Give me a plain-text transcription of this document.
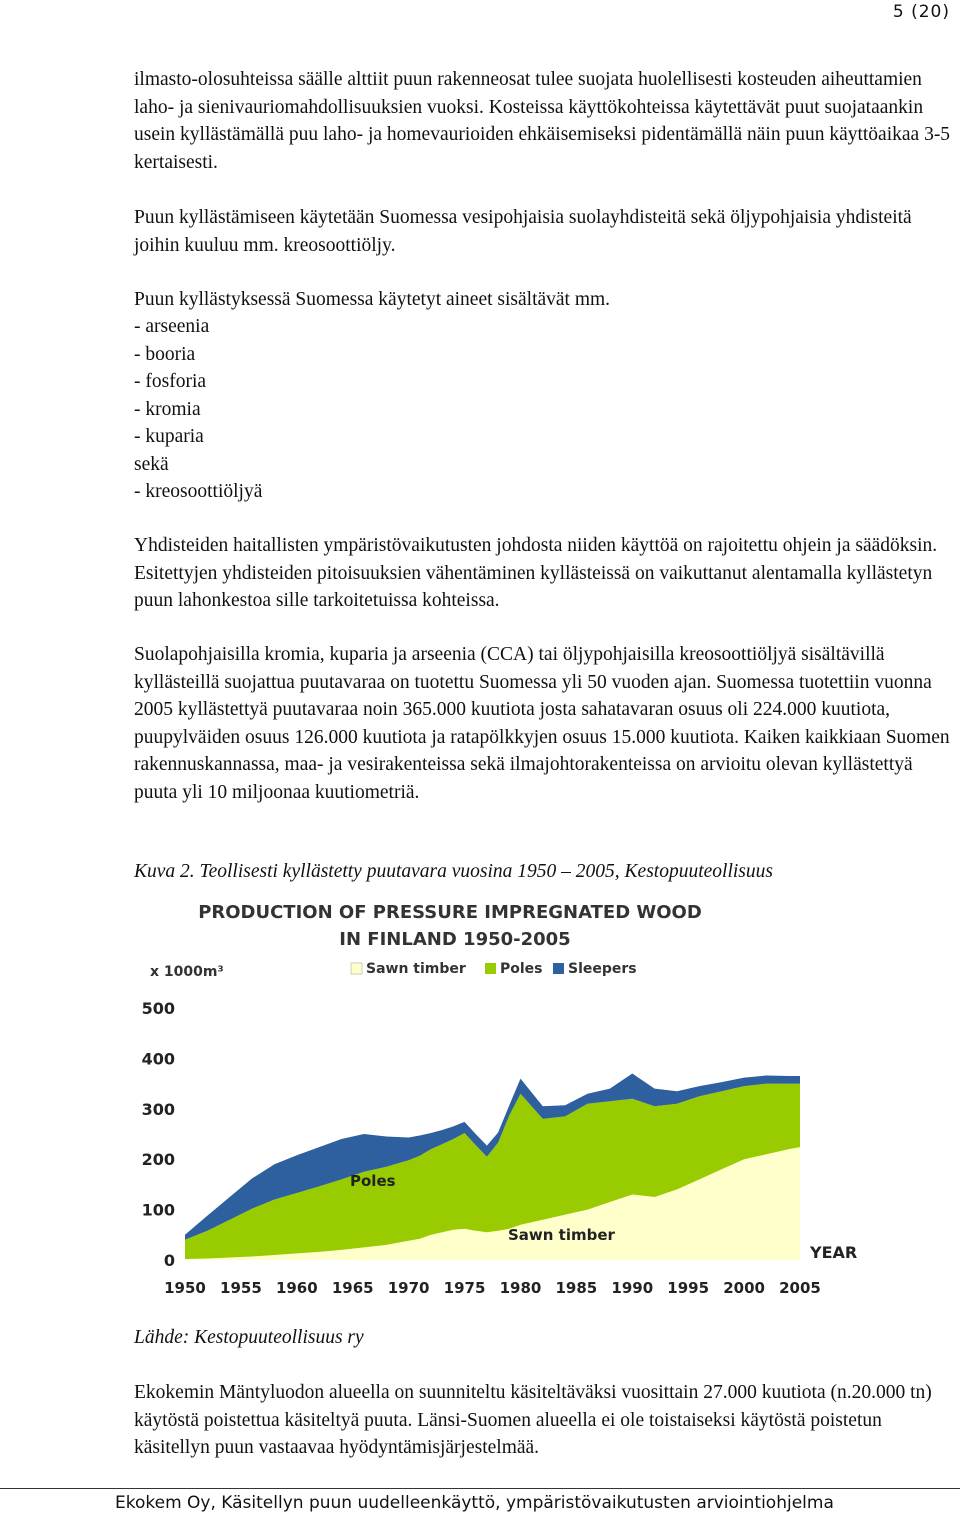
5 (20)

ilmasto-olosuhteissa säälle alttiit puun rakenneosat tulee suojata huolellisesti kosteuden aiheuttamien laho- ja sienivauriomahdollisuuksien vuoksi. Kosteissa käyttökohteissa käytettävät puut suojataankin usein kyllästämällä puu laho- ja homevaurioiden ehkäisemiseksi pidentämällä näin puun käyttöaikaa 3-5 kertaisesti.

Puun kyllästämiseen käytetään Suomessa vesipohjaisia suolayhdisteitä sekä öljypohjaisia yhdisteitä joihin kuuluu mm. kreosoottiöljy.

Puun kyllästyksessä Suomessa käytetyt aineet sisältävät mm.

- arseenia
- booria
- fosforia
- kromia
- kuparia
sekä
- kreosoottiöljyä

Yhdisteiden haitallisten ympäristövaikutusten johdosta niiden käyttöä on rajoitettu ohjein ja säädöksin. Esitettyjen yhdisteiden pitoisuuksien vähentäminen kyllästeissä on vaikuttanut alentamalla kyllästetyn puun lahonkestoa sille tarkoitetuissa kohteissa.

Suolapohjaisilla kromia, kuparia ja arseenia (CCA) tai öljypohjaisilla kreosoottiöljyä sisältävillä kyllästeillä suojattua puutavaraa on tuotettu Suomessa yli 50 vuoden ajan. Suomessa tuotettiin vuonna 2005 kyllästettyä puutavaraa noin 365.000 kuutiota josta sahatavaran osuus oli 224.000 kuutiota, puupylväiden osuus 126.000 kuutiota ja ratapölkkyjen osuus 15.000 kuutiota. Kaiken kaikkiaan Suomen rakennuskannassa, maa- ja vesirakenteissa sekä ilmajohtorakenteissa on arvioitu olevan kyllästettyä puuta yli 10 miljoonaa kuutiometriä.

Kuva 2. Teollisesti kyllästetty puutavara vuosina 1950 – 2005, Kestopuuteollisuus

Lähde: Kestopuuteollisuus ry

Ekokemin Mäntyluodon alueella on suunniteltu käsiteltäväksi vuosittain 27.000 kuutiota (n.20.000 tn) käytöstä poistettua käsiteltyä puuta. Länsi-Suomen alueella ei ole toistaiseksi käytöstä poistetun käsitellyn puun vastaavaa hyödyntämisjärjestelmää.

PRODUCTION OF PRESSURE IMPREGNATED WOOD
IN FINLAND 1950-2005
x 1000m³	Sawn timber Poles Sleepers
0
100
200
300
400
500
1950 1955 1960 1965 1970 1975 1980 1985 1990 1995 2000 2005
YEAR
Sleepers
Poles
Sawn timber
Ekokem Oy, Käsitellyn puun uudelleenkäyttö, ympäristövaikutusten arviointiohjelma
